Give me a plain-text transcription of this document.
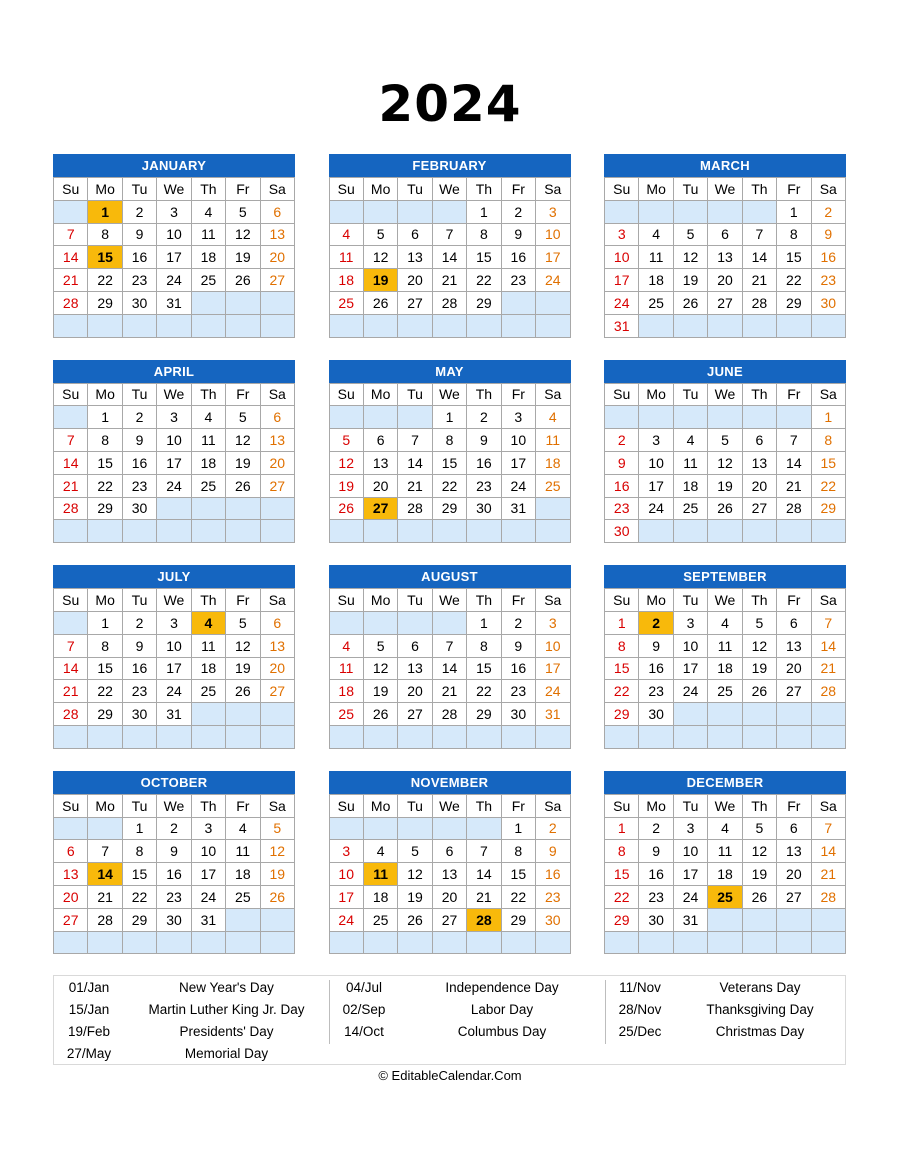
2024
JANUARY
Su	Mo	Tu	We	Th	Fr	Sa
	1	2	3	4	5	6
7	8	9	10	11	12	13
14	15	16	17	18	19	20
21	22	23	24	25	26	27
28	29	30	31			

FEBRUARY
Su	Mo	Tu	We	Th	Fr	Sa
				1	2	3
4	5	6	7	8	9	10
11	12	13	14	15	16	17
18	19	20	21	22	23	24
25	26	27	28	29		

MARCH
Su	Mo	Tu	We	Th	Fr	Sa
					1	2
3	4	5	6	7	8	9
10	11	12	13	14	15	16
17	18	19	20	21	22	23
24	25	26	27	28	29	30
31						
APRIL
Su	Mo	Tu	We	Th	Fr	Sa
	1	2	3	4	5	6
7	8	9	10	11	12	13
14	15	16	17	18	19	20
21	22	23	24	25	26	27
28	29	30				

MAY
Su	Mo	Tu	We	Th	Fr	Sa
			1	2	3	4
5	6	7	8	9	10	11
12	13	14	15	16	17	18
19	20	21	22	23	24	25
26	27	28	29	30	31	

JUNE
Su	Mo	Tu	We	Th	Fr	Sa
						1
2	3	4	5	6	7	8
9	10	11	12	13	14	15
16	17	18	19	20	21	22
23	24	25	26	27	28	29
30						
JULY
Su	Mo	Tu	We	Th	Fr	Sa
	1	2	3	4	5	6
7	8	9	10	11	12	13
14	15	16	17	18	19	20
21	22	23	24	25	26	27
28	29	30	31			

AUGUST
Su	Mo	Tu	We	Th	Fr	Sa
				1	2	3
4	5	6	7	8	9	10
11	12	13	14	15	16	17
18	19	20	21	22	23	24
25	26	27	28	29	30	31

SEPTEMBER
Su	Mo	Tu	We	Th	Fr	Sa
1	2	3	4	5	6	7
8	9	10	11	12	13	14
15	16	17	18	19	20	21
22	23	24	25	26	27	28
29	30					

OCTOBER
Su	Mo	Tu	We	Th	Fr	Sa
		1	2	3	4	5
6	7	8	9	10	11	12
13	14	15	16	17	18	19
20	21	22	23	24	25	26
27	28	29	30	31		

NOVEMBER
Su	Mo	Tu	We	Th	Fr	Sa
					1	2
3	4	5	6	7	8	9
10	11	12	13	14	15	16
17	18	19	20	21	22	23
24	25	26	27	28	29	30

DECEMBER
Su	Mo	Tu	We	Th	Fr	Sa
1	2	3	4	5	6	7
8	9	10	11	12	13	14
15	16	17	18	19	20	21
22	23	24	25	26	27	28
29	30	31				

01/Jan	New Year's Day
15/Jan	Martin Luther King Jr. Day
19/Feb	Presidents' Day
27/May	Memorial Day
04/Jul	Independence Day
02/Sep	Labor Day
14/Oct	Columbus Day
11/Nov	Veterans Day
28/Nov	Thanksgiving Day
25/Dec	Christmas Day
© EditableCalendar.Com
